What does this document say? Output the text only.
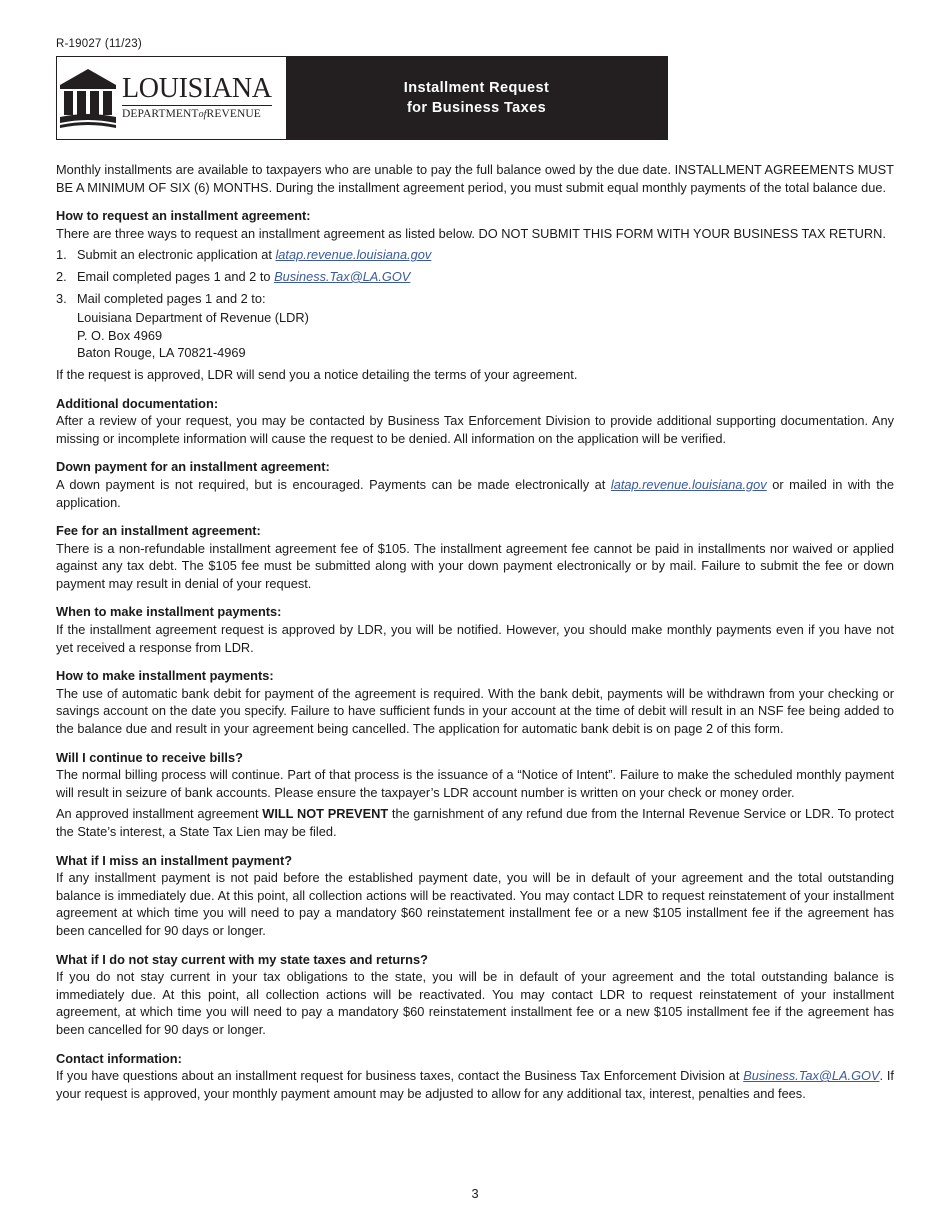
R-19027 (11/23)
LOUISIANA
DEPARTMENTofREVENUE
Installment Request
for Business Taxes

Monthly installments are available to taxpayers who are unable to pay the full balance owed by the due date. INSTALLMENT AGREEMENTS MUST BE A MINIMUM OF SIX (6) MONTHS. During the installment agreement period, you must submit equal monthly payments of the total balance due.

How to request an installment agreement:

There are three ways to request an installment agreement as listed below. DO NOT SUBMIT THIS FORM WITH YOUR BUSINESS TAX RETURN.

1. Submit an electronic application at latap.revenue.louisiana.gov
2. Email completed pages 1 and 2 to Business.Tax@LA.GOV
3. Mail completed pages 1 and 2 to:
Louisiana Department of Revenue (LDR)
P. O. Box 4969
Baton Rouge, LA 70821-4969

If the request is approved, LDR will send you a notice detailing the terms of your agreement.

Additional documentation:

After a review of your request, you may be contacted by Business Tax Enforcement Division to provide additional supporting documentation. Any missing or incomplete information will cause the request to be denied. All information on the application will be verified.

Down payment for an installment agreement:

A down payment is not required, but is encouraged. Payments can be made electronically at latap.revenue.louisiana.gov or mailed in with the application.

Fee for an installment agreement:

There is a non-refundable installment agreement fee of $105. The installment agreement fee cannot be paid in installments nor waived or applied against any tax debt. The $105 fee must be submitted along with your down payment electronically or by mail. Failure to submit the fee or down payment may result in denial of your request.

When to make installment payments:

If the installment agreement request is approved by LDR, you will be notified. However, you should make monthly payments even if you have not yet received a response from LDR.

How to make installment payments:

The use of automatic bank debit for payment of the agreement is required. With the bank debit, payments will be withdrawn from your checking or savings account on the date you specify. Failure to have sufficient funds in your account at the time of debit will result in an NSF fee being added to the balance due and result in your agreement being cancelled. The application for automatic bank debit is on page 2 of this form.

Will I continue to receive bills?

The normal billing process will continue. Part of that process is the issuance of a “Notice of Intent”. Failure to make the scheduled monthly payment will result in seizure of bank accounts. Please ensure the taxpayer’s LDR account number is written on your check or money order.

An approved installment agreement WILL NOT PREVENT the garnishment of any refund due from the Internal Revenue Service or LDR. To protect the State’s interest, a State Tax Lien may be filed.

What if I miss an installment payment?

If any installment payment is not paid before the established payment date, you will be in default of your agreement and the total outstanding balance is immediately due. At this point, all collection actions will be reactivated. You may contact LDR to request reinstatement of your installment agreement at which time you will need to pay a mandatory $60 reinstatement installment fee or a new $105 installment fee if the agreement has been cancelled for 90 days or longer.

What if I do not stay current with my state taxes and returns?

If you do not stay current in your tax obligations to the state, you will be in default of your agreement and the total outstanding balance is immediately due. At this point, all collection actions will be reactivated. You may contact LDR to request reinstatement of your installment agreement, at which time you will need to pay a mandatory $60 reinstatement installment fee or a new $105 installment fee if the agreement has been cancelled for 90 days or longer.

Contact information:

If you have questions about an installment request for business taxes, contact the Business Tax Enforcement Division at Business.Tax@LA.GOV. If your request is approved, your monthly payment amount may be adjusted to allow for any additional tax, interest, penalties and fees.

3
